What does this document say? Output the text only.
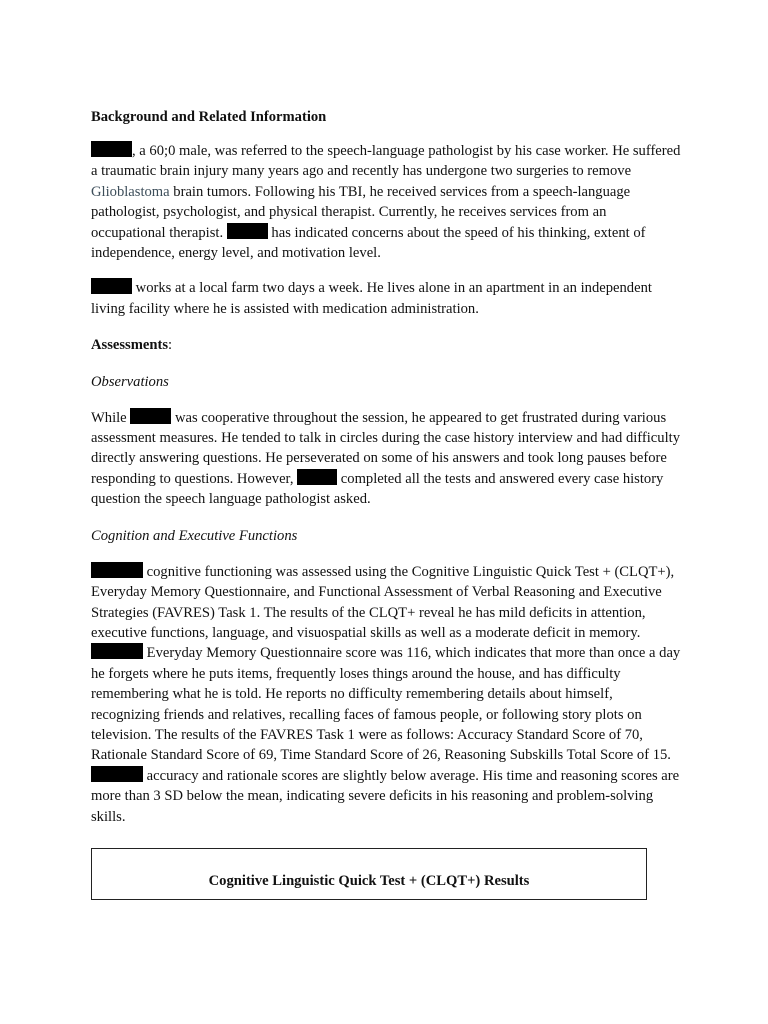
Background and Related Information

, a 60;0 male, was referred to the speech-language pathologist by his case worker. He suffered a traumatic brain injury many years ago and recently has undergone two surgeries to remove Glioblastoma brain tumors. Following his TBI, he received services from a speech-language pathologist, psychologist, and physical therapist. Currently, he receives services from an occupational therapist.	has indicated concerns about the speed of his thinking, extent of independence, energy level, and motivation level.

works at a local farm two days a week. He lives alone in an apartment in an independent living facility where he is assisted with medication administration.

Assessments:

Observations

While	was cooperative throughout the session, he appeared to get frustrated during various assessment measures. He tended to talk in circles during the case history interview and had difficulty directly answering questions. He perseverated on some of his answers and took long pauses before responding to questions. However,	completed all the tests and answered every case history question the speech language pathologist asked.

Cognition and Executive Functions

cognitive functioning was assessed using the Cognitive Linguistic Quick Test + (CLQT+), Everyday Memory Questionnaire, and Functional Assessment of Verbal Reasoning and Executive Strategies (FAVRES) Task 1. The results of the CLQT+ reveal he has mild deficits in attention, executive functions, language, and visuospatial skills as well as a moderate deficit in memory.  Everyday Memory Questionnaire score was 116, which indicates that more than once a day he forgets where he puts items, frequently loses things around the house, and has difficulty remembering what he is told. He reports no difficulty remembering details about himself, recognizing friends and relatives, recalling faces of famous people, or following story plots on television. The results of the FAVRES Task 1 were as follows: Accuracy Standard Score of 70, Rationale Standard Score of 69, Time Standard Score of 26, Reasoning Subskills Total Score of 15.  accuracy and rationale scores are slightly below average. His time and reasoning scores are more than 3 SD below the mean, indicating severe deficits in his reasoning and problem-solving skills.

Cognitive Linguistic Quick Test + (CLQT+) Results
